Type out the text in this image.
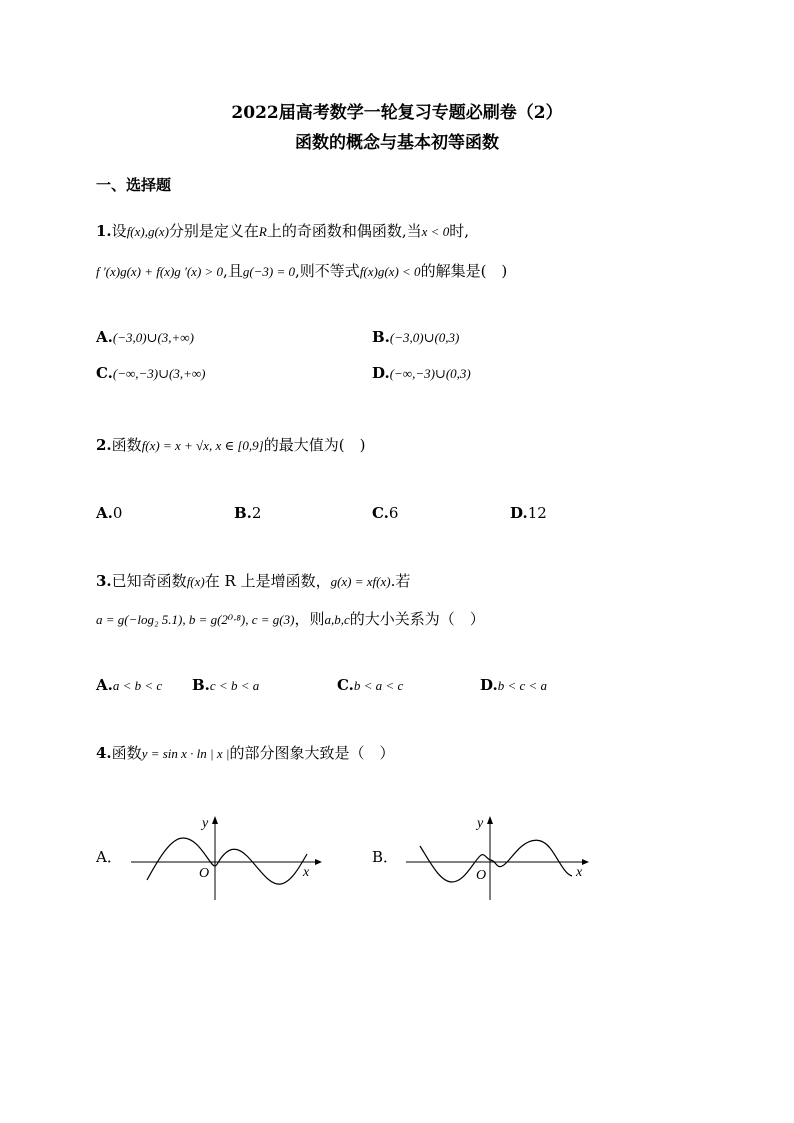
2022届高考数学一轮复习专题必刷卷（2）
函数的概念与基本初等函数
一、选择题
1.设f(x),g(x)分别是定义在R上的奇函数和偶函数,当x < 0时,
f '(x)g(x) + f(x)g '(x) > 0,且g(−3) = 0,则不等式f(x)g(x) < 0的解集是(　)
A.(−3,0)∪(3,+∞)	B.(−3,0)∪(0,3)
C.(−∞,−3)∪(3,+∞)	D.(−∞,−3)∪(0,3)
2.函数f(x) = x + √x, x ∈ [0,9]的最大值为(　)
A.0	B.2	C.6	D.12
3.已知奇函数f(x)在 R 上是增函数，g(x) = xf(x).若
a = g(−log₂ 5.1), b = g(2⁰·⁸), c = g(3)，则a,b,c的大小关系为（　）
A.a < b < c B.c < b < a	C.b < a < c	D.b < c < a
4.函数y = sin x · ln | x |的部分图象大致是（　）
A．	B．
O	x
y
O	x
y
